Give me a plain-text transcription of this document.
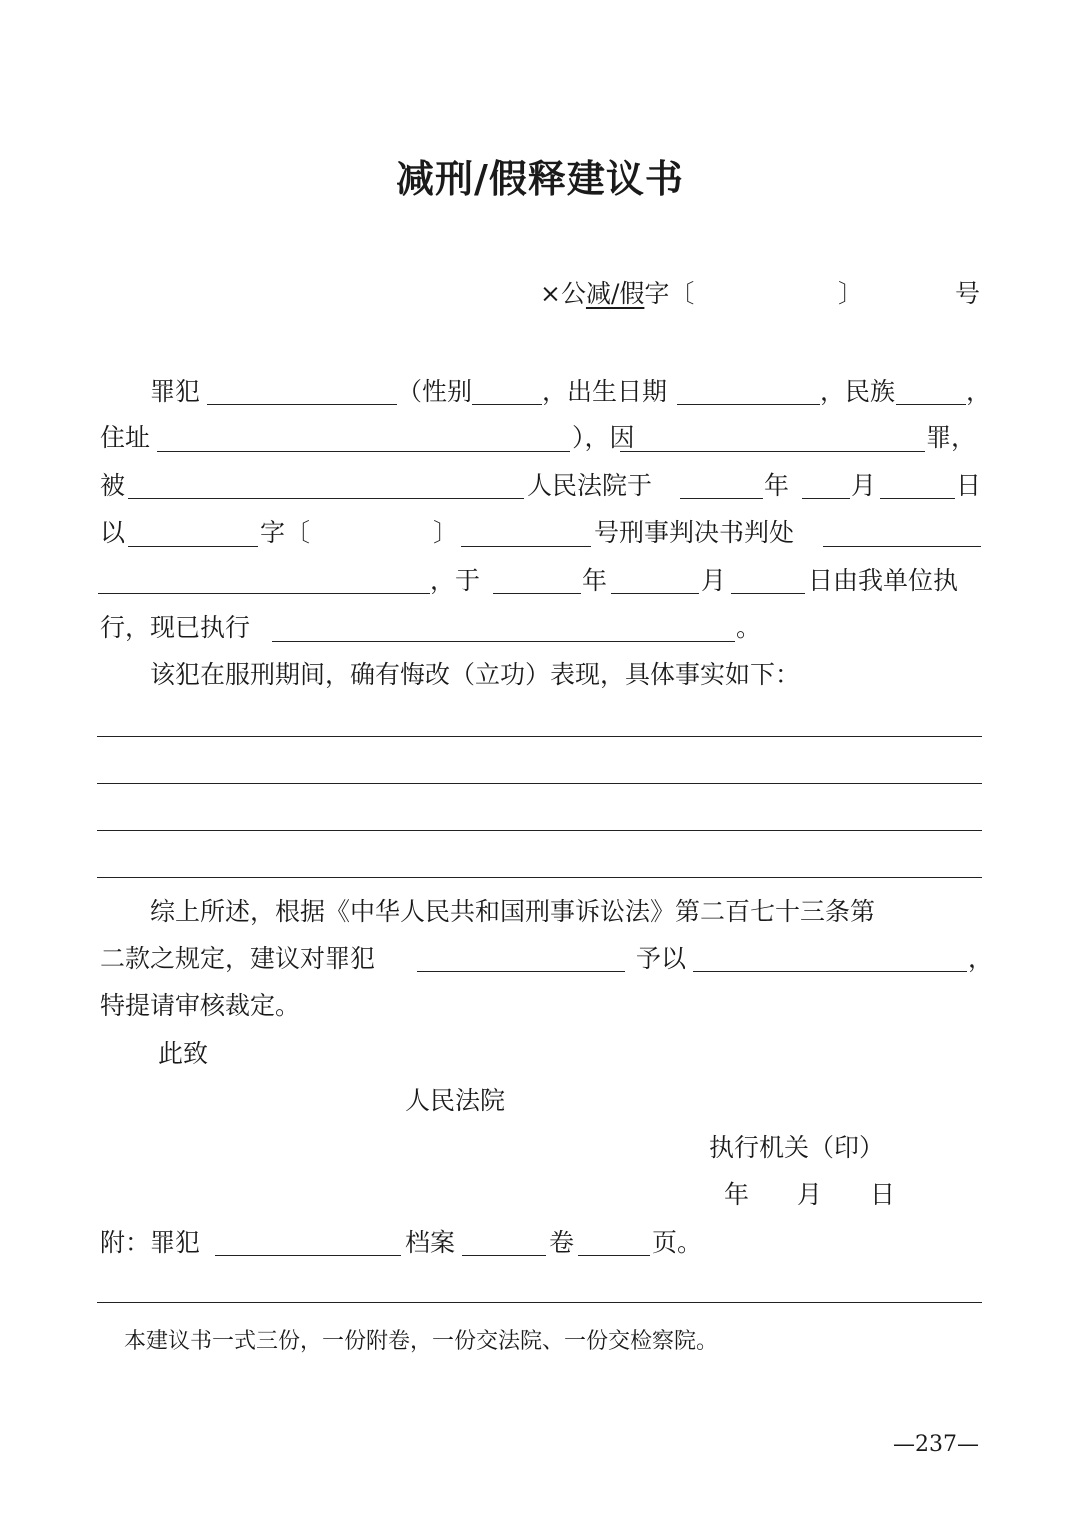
减刑/假释建议书
×公减/假字〔	〕	号
罪犯	（性别	，出生日期	，民族	，
住址	），因	罪，
被	人民法院于	年 月	日
以	字〔	〕	号刑事判决书判处
，于	年	月	日由我单位执
行，现已执行	。
该犯在服刑期间，确有悔改（立功）表现，具体事实如下：
综上所述，根据《中华人民共和国刑事诉讼法》第二百七十三条第
二款之规定，建议对罪犯	予以	，
特提请审核裁定。
此致
人民法院
执行机关（印）
年 月 日
附：罪犯	档案	卷	页。
本建议书一式三份，一份附卷，一份交法院、一份交检察院。
—237—
